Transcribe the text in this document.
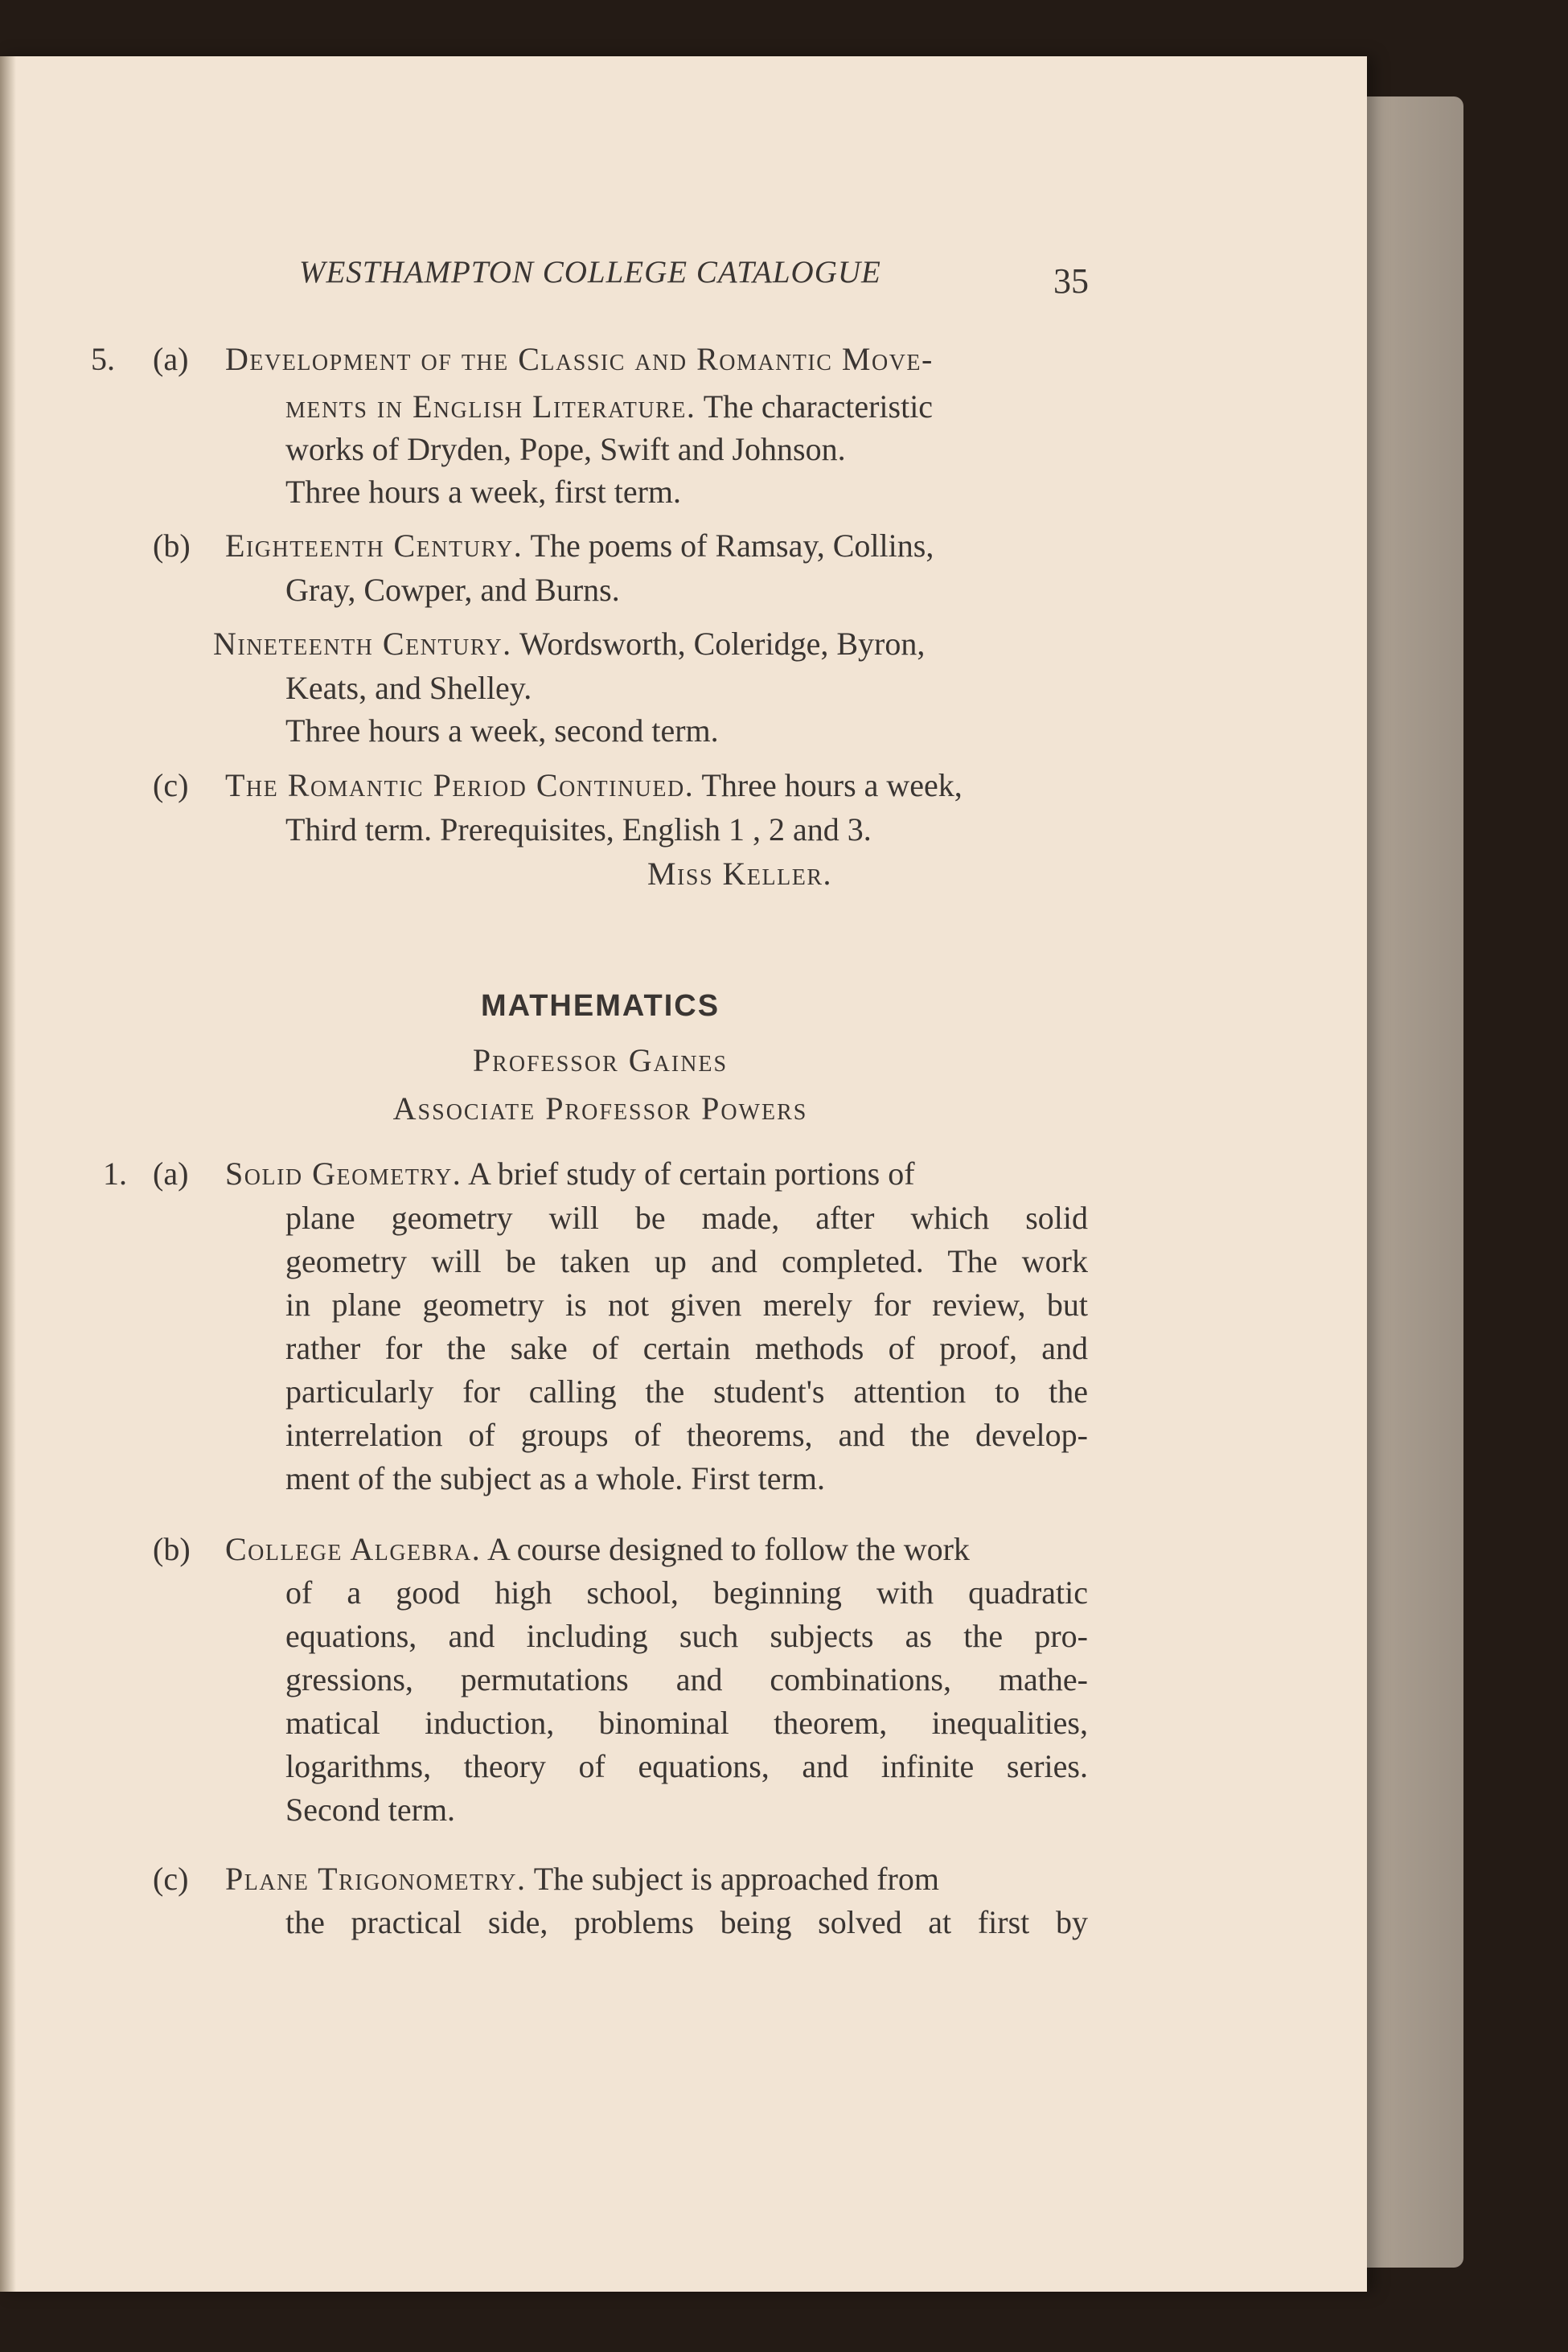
WESTHAMPTON COLLEGE CATALOGUE	35
5. (a) Development of the Classic and Romantic Move-
ments in English Literature. The characteristic
works of Dryden, Pope, Swift and Johnson.
Three hours a week, first term.
(b) Eighteenth Century. The poems of Ramsay, Collins,
Gray, Cowper, and Burns.
Nineteenth Century. Wordsworth, Coleridge, Byron,
Keats, and Shelley.
Three hours a week, second term.
(c) The Romantic Period Continued. Three hours a week,
Third term. Prerequisites, English 1 , 2 and 3.
Miss Keller.
MATHEMATICS
Professor Gaines
Associate Professor Powers
1. (a) Solid Geometry. A brief study of certain portions of
plane geometry will be made, after which solid
geometry will be taken up and completed. The work
in plane geometry is not given merely for review, but
rather for the sake of certain methods of proof, and
particularly for calling the student's attention to the
interrelation of groups of theorems, and the develop-
ment of the subject as a whole. First term.
(b) College Algebra. A course designed to follow the work
of a good high school, beginning with quadratic
equations, and including such subjects as the pro-
gressions, permutations and combinations, mathe-
matical induction, binominal theorem, inequalities,
logarithms, theory of equations, and infinite series.
Second term.
(c) Plane Trigonometry. The subject is approached from
the practical side, problems being solved at first by
